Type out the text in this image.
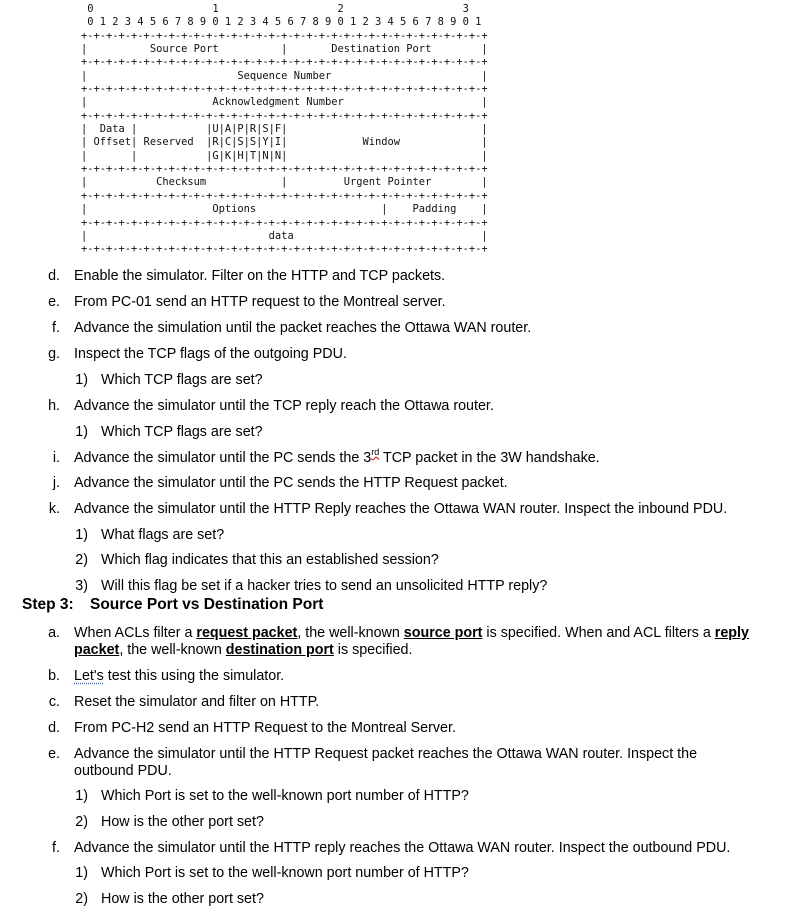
0                   1                   2                   3
0 1 2 3 4 5 6 7 8 9 0 1 2 3 4 5 6 7 8 9 0 1 2 3 4 5 6 7 8 9 0 1
+-+-+-+-+-+-+-+-+-+-+-+-+-+-+-+-+-+-+-+-+-+-+-+-+-+-+-+-+-+-+-+-+
|          Source Port          |       Destination Port        |
+-+-+-+-+-+-+-+-+-+-+-+-+-+-+-+-+-+-+-+-+-+-+-+-+-+-+-+-+-+-+-+-+
|                        Sequence Number                        |
+-+-+-+-+-+-+-+-+-+-+-+-+-+-+-+-+-+-+-+-+-+-+-+-+-+-+-+-+-+-+-+-+
|                    Acknowledgment Number                      |
+-+-+-+-+-+-+-+-+-+-+-+-+-+-+-+-+-+-+-+-+-+-+-+-+-+-+-+-+-+-+-+-+
|  Data |           |U|A|P|R|S|F|                               |
| Offset| Reserved  |R|C|S|S|Y|I|            Window             |
|       |           |G|K|H|T|N|N|                               |
+-+-+-+-+-+-+-+-+-+-+-+-+-+-+-+-+-+-+-+-+-+-+-+-+-+-+-+-+-+-+-+-+
|           Checksum            |         Urgent Pointer        |
+-+-+-+-+-+-+-+-+-+-+-+-+-+-+-+-+-+-+-+-+-+-+-+-+-+-+-+-+-+-+-+-+
|                    Options                    |    Padding    |
+-+-+-+-+-+-+-+-+-+-+-+-+-+-+-+-+-+-+-+-+-+-+-+-+-+-+-+-+-+-+-+-+
|                             data                              |
+-+-+-+-+-+-+-+-+-+-+-+-+-+-+-+-+-+-+-+-+-+-+-+-+-+-+-+-+-+-+-+-+
d. Enable the simulator. Filter on the HTTP and TCP packets.
e. From PC-01 send an HTTP request to the Montreal server.
f. Advance the simulation until the packet reaches the Ottawa WAN router.
g. Inspect the TCP flags of the outgoing PDU.
1) Which TCP flags are set?
h. Advance the simulator until the TCP reply reach the Ottawa router.
1) Which TCP flags are set?
i. Advance the simulator until the PC sends the 3rd TCP packet in the 3W handshake.
j. Advance the simulator until the PC sends the HTTP Request packet.
k. Advance the simulator until the HTTP Reply reaches the Ottawa WAN router. Inspect the inbound PDU.
1) What flags are set?
2) Which flag indicates that this an established session?
3) Will this flag be set if a hacker tries to send an unsolicited HTTP reply?
Step 3: Source Port vs Destination Port
a. When ACLs filter a request packet, the well-known source port is specified. When and ACL filters a reply packet, the well-known destination port is specified.
b. Let's test this using the simulator.
c. Reset the simulator and filter on HTTP.
d. From PC-H2 send an HTTP Request to the Montreal Server.
e. Advance the simulator until the HTTP Request packet reaches the Ottawa WAN router. Inspect the
outbound PDU.
1) Which Port is set to the well-known port number of HTTP?
2) How is the other port set?
f. Advance the simulator until the HTTP reply reaches the Ottawa WAN router. Inspect the outbound PDU.
1) Which Port is set to the well-known port number of HTTP?
2) How is the other port set?
